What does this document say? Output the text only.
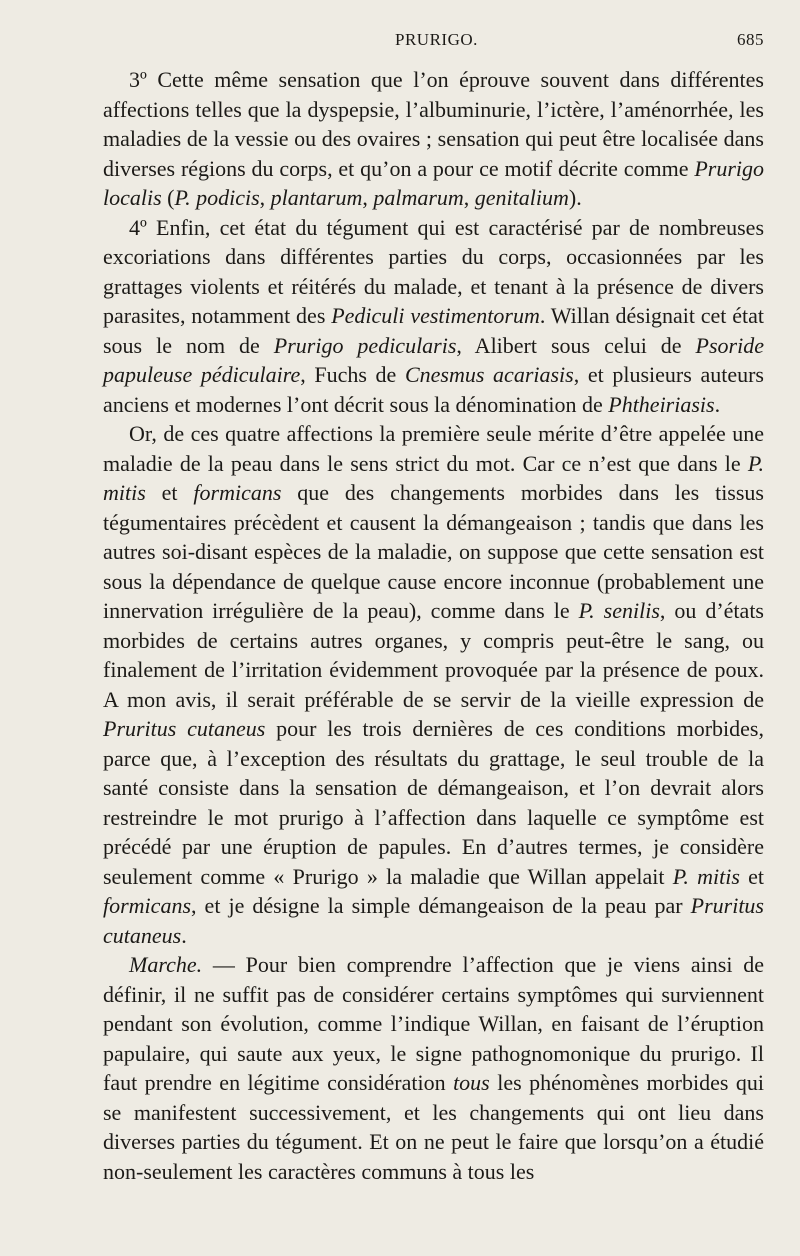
PRURIGO.	685

3º Cette même sensation que l’on éprouve souvent dans différentes affections telles que la dyspepsie, l’albuminurie, l’ictère, l’aménorrhée, les maladies de la vessie ou des ovaires ; sensation qui peut être localisée dans diverses régions du corps, et qu’on a pour ce motif décrite comme Prurigo localis (P. podicis, plantarum, palmarum, genitalium).

4º Enfin, cet état du tégument qui est caractérisé par de nombreuses excoriations dans différentes parties du corps, occasionnées par les grattages violents et réitérés du malade, et tenant à la présence de divers parasites, notamment des Pediculi vestimentorum. Willan désignait cet état sous le nom de Prurigo pedicularis, Alibert sous celui de Psoride papuleuse pédiculaire, Fuchs de Cnesmus acariasis, et plusieurs auteurs anciens et modernes l’ont décrit sous la dénomination de Phtheiriasis.

Or, de ces quatre affections la première seule mérite d’être appelée une maladie de la peau dans le sens strict du mot. Car ce n’est que dans le P. mitis et formicans que des changements morbides dans les tissus tégumentaires précèdent et causent la démangeaison ; tandis que dans les autres soi-disant espèces de la maladie, on suppose que cette sensation est sous la dépendance de quelque cause encore inconnue (probablement une innervation irrégulière de la peau), comme dans le P. senilis, ou d’états morbides de certains autres organes, y compris peut-être le sang, ou finalement de l’irritation évidemment provoquée par la présence de poux. A mon avis, il serait préférable de se servir de la vieille expression de Pruritus cutaneus pour les trois dernières de ces conditions morbides, parce que, à l’exception des résultats du grattage, le seul trouble de la santé consiste dans la sensation de démangeaison, et l’on devrait alors restreindre le mot prurigo à l’affection dans laquelle ce symptôme est précédé par une éruption de papules. En d’autres termes, je considère seulement comme « Prurigo » la maladie que Willan appelait P. mitis et formicans, et je désigne la simple démangeaison de la peau par Pruritus cutaneus.

Marche. — Pour bien comprendre l’affection que je viens ainsi de définir, il ne suffit pas de considérer certains symptômes qui surviennent pendant son évolution, comme l’indique Willan, en faisant de l’éruption papulaire, qui saute aux yeux, le signe pathognomonique du prurigo. Il faut prendre en légitime considération tous les phénomènes morbides qui se manifestent successivement, et les changements qui ont lieu dans diverses parties du tégument. Et on ne peut le faire que lorsqu’on a étudié non-seulement les caractères communs à tous les
